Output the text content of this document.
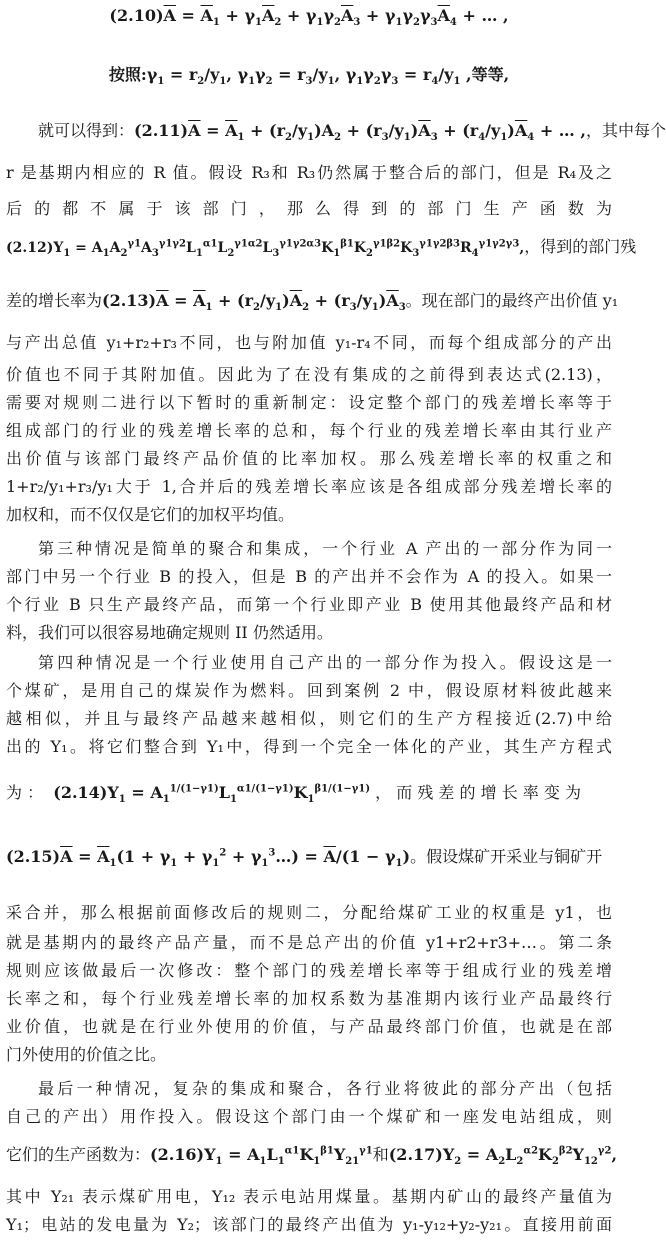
$(2.10)\overline{A} = \overline{A}_1 + \gamma_1\overline{A}_2 + \gamma_1\gamma_2\overline{A}_3 + \gamma_1\gamma_2\gamma_3\overline{A}_4$ + … ,
按照$:\gamma_1 = r_2/y_1$, $\gamma_1\gamma_2 = r_3/y_1$, $\gamma_1\gamma_2\gamma_3 = r_4/y_1$ ,等等,
就可以得到：$(2.11)\overline{A} = \overline{A}_1 + (r_2/y_1)A_2 + (r_3/y_1)\overline{A}_3 + (r_4/y_1)\overline{A}_4$ + … ,，其中每个
r 是基期内相应的 R 值。假设 R₃和 R₃仍然属于整合后的部门，但是 R₄及之
后 的 都 不 属 于 该 部 门 ， 那 么 得 到 的 部 门 生 产 函 数 为
$(2.12)Y_1 = A_1A_2^{\gamma 1}A_3^{\gamma 1\gamma 2}L_1^{\alpha 1}L_2^{\gamma 1\alpha 2}L_3^{\gamma 1\gamma 2\alpha 3}K_1^{\beta 1}K_2^{\gamma 1\beta 2}K_3^{\gamma 1\gamma 2\beta 3}R_4^{\gamma 1\gamma 2\gamma 3}$,，得到的部门残
差的增长率为$(2.13)\overline{A} = \overline{A}_1 + (r_2/y_1)\overline{A}_2 + (r_3/y_1)\overline{A}_3$。现在部门的最终产出价值 y₁
与产出总值 y₁+r₂+r₃不同，也与附加值 y₁-r₄不同，而每个组成部分的产出
价值也不同于其附加值。因此为了在没有集成的之前得到表达式(2.13)，
需要对规则二进行以下暂时的重新制定：设定整个部门的残差增长率等于
组成部门的行业的残差增长率的总和，每个行业的残差增长率由其行业产
出价值与该部门最终产品价值的比率加权。那么残差增长率的权重之和
1+r₂/y₁+r₃/y₁大于 1,合并后的残差增长率应该是各组成部分残差增长率的
加权和，而不仅仅是它们的加权平均值。
第三种情况是简单的聚合和集成，一个行业 A 产出的一部分作为同一
部门中另一个行业 B 的投入，但是 B 的产出并不会作为 A 的投入。如果一
个行业 B 只生产最终产品，而第一个行业即产业 B 使用其他最终产品和材
料，我们可以很容易地确定规则 II 仍然适用。
第四种情况是一个行业使用自己产出的一部分作为投入。假设这是一
个煤矿，是用自己的煤炭作为燃料。回到案例 2 中，假设原材料彼此越来
越相似，并且与最终产品越来越相似，则它们的生产方程接近(2.7)中给
出的 Y₁。将它们整合到 Y₁中，得到一个完全一体化的产业，其生产方程式
为 ： $(2.14)Y_1 = A_1^{1/(1-\gamma 1)}L_1^{\alpha 1/(1-\gamma 1)}K_1^{\beta 1/(1-\gamma 1)}$ ， 而 残 差 的 增 长 率 变 为
$(2.15)\overline{A} = \overline{A}_1(1 + \gamma_1 + \gamma_1^2$ + $\gamma_1^3\dots) = \overline{A}/(1 - \gamma_1)$。假设煤矿开采业与铜矿开
采合并，那么根据前面修改后的规则二，分配给煤矿工业的权重是 y1，也
就是基期内的最终产品产量，而不是总产出的价值 y1+r2+r3+…。第二条
规则应该做最后一次修改：整个部门的残差增长率等于组成行业的残差增
长率之和，每个行业残差增长率的加权系数为基准期内该行业产品最终行
业价值，也就是在行业外使用的价值，与产品最终部门价值，也就是在部
门外使用的价值之比。
最后一种情况，复杂的集成和聚合，各行业将彼此的部分产出（包括
自己的产出）用作投入。假设这个部门由一个煤矿和一座发电站组成，则
它们的生产函数为：$(2.16)Y_1 = A_1L_1^{\alpha 1}K_1^{\beta 1}Y_{21}^{\gamma 1}$和$(2.17)Y_2 = A_2L_2^{\alpha 2}K_2^{\beta 2}Y_{12}^{\gamma 2}$,
其中 Y₂₁ 表示煤矿用电，Y₁₂ 表示电站用煤量。基期内矿山的最终产量值为
Y₁；电站的发电量为 Y₂；该部门的最终产出值为 y₁-y₁₂+y₂-y₂₁。直接用前面
